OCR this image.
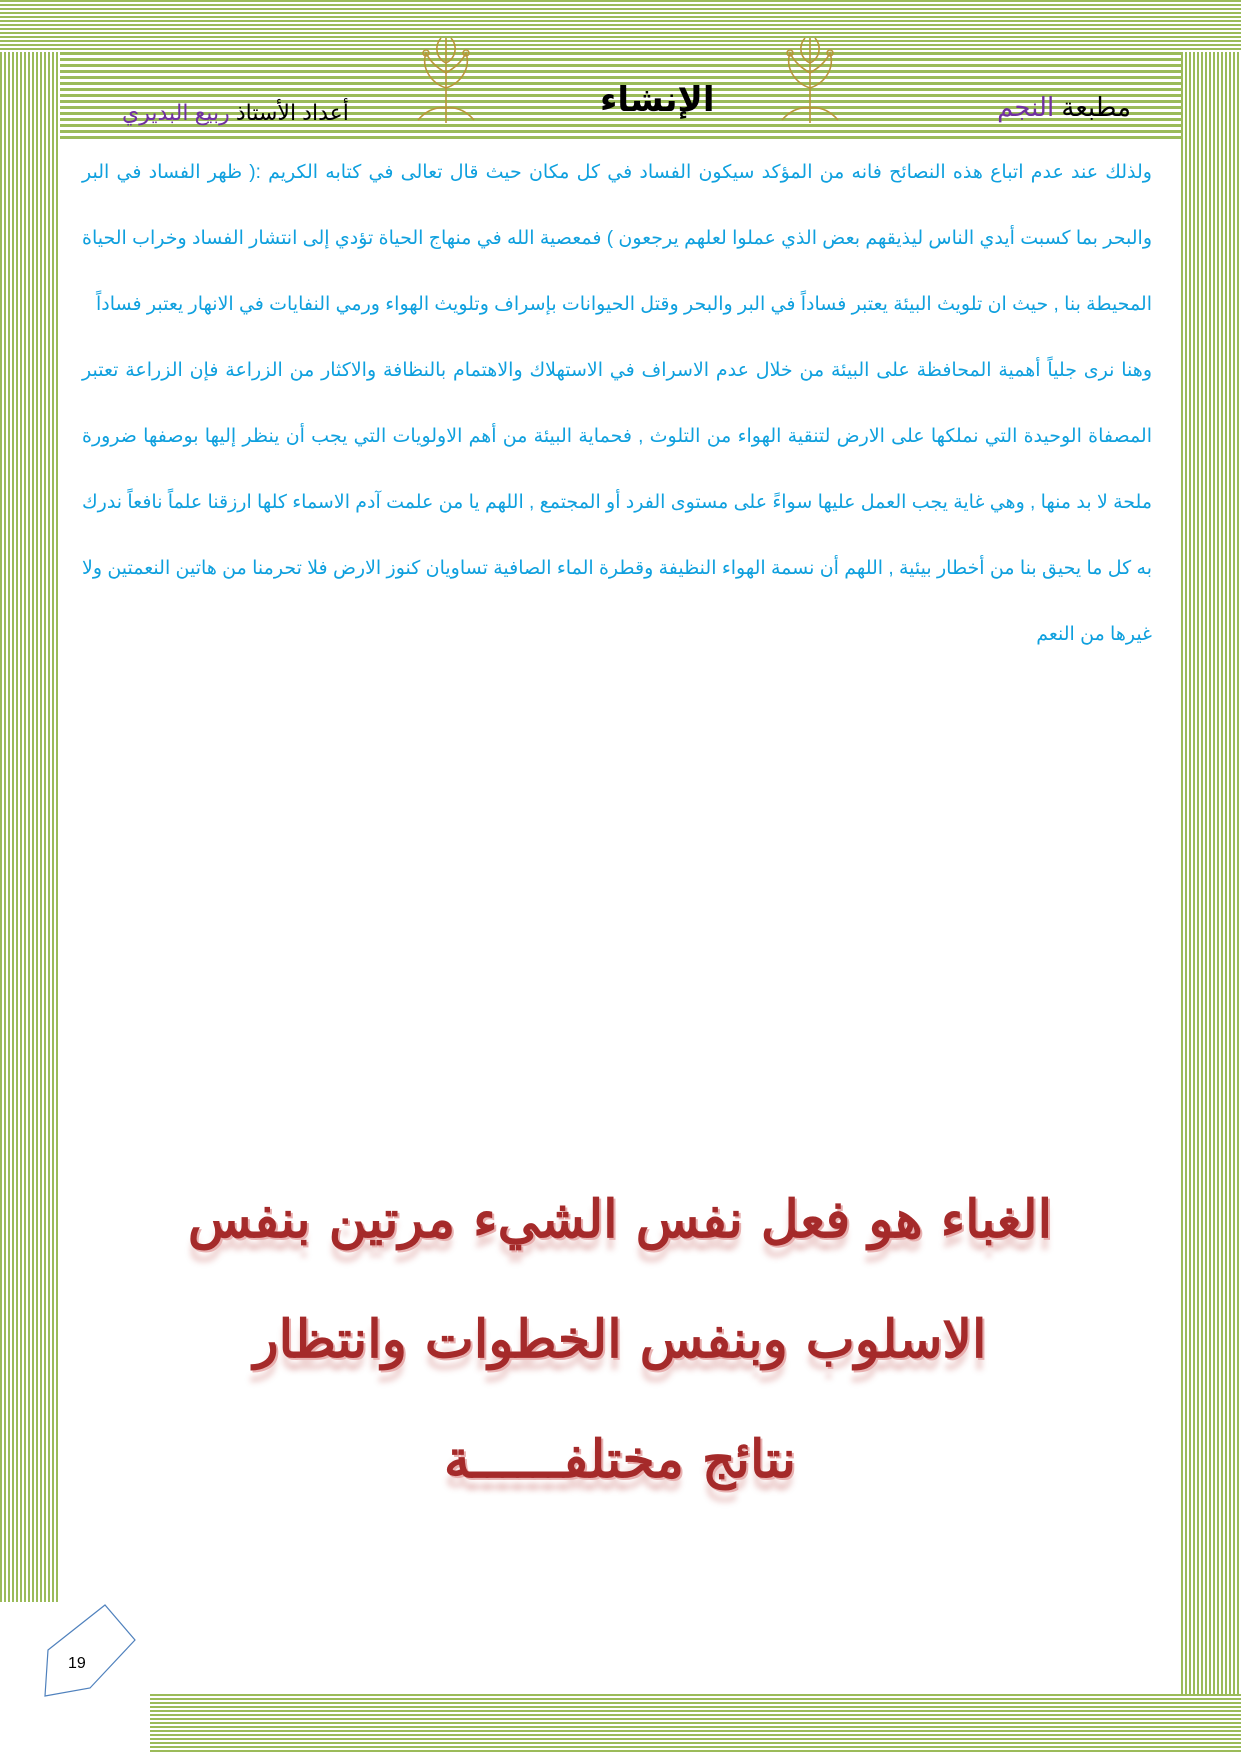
مطبعة النجم
الإنشاء
أعداد الأستاذ ربيع البديري

ولذلك عند عدم اتباع هذه النصائح فانه من المؤكد سيكون الفساد في كل مكان حيث قال تعالى في كتابه الكريم :( ظهر الفساد في البر والبحر بما كسبت أيدي الناس ليذيقهم بعض الذي عملوا لعلهم يرجعون ) فمعصية الله في منهاج الحياة تؤدي إلى انتشار الفساد وخراب الحياة المحيطة بنا , حيث ان تلويث البيئة يعتبر فساداً في البر والبحر وقتل الحيوانات بإسراف وتلويث الهواء ورمي النفايات في الانهار يعتبر فساداً

وهنا نرى جلياً أهمية المحافظة على البيئة من خلال عدم الاسراف في الاستهلاك والاهتمام بالنظافة والاكثار من الزراعة فإن الزراعة تعتبر المصفاة الوحيدة التي نملكها على الارض لتنقية الهواء من التلوث , فحماية البيئة من أهم الاولويات التي يجب أن ينظر إليها بوصفها ضرورة ملحة لا بد منها , وهي غاية يجب العمل عليها سواءً على مستوى الفرد أو المجتمع , اللهم يا من علمت آدم الاسماء كلها ارزقنا علماً نافعاً ندرك به كل ما يحيق بنا من أخطار بيئية , اللهم أن نسمة الهواء النظيفة وقطرة الماء الصافية تساويان كنوز الارض فلا تحرمنا من هاتين النعمتين ولا غيرها من النعم

الغباء هو فعل نفس الشيء مرتين بنفس

الاسلوب وبنفس الخطوات وانتظار

نتائج مختلفــــــة

19
